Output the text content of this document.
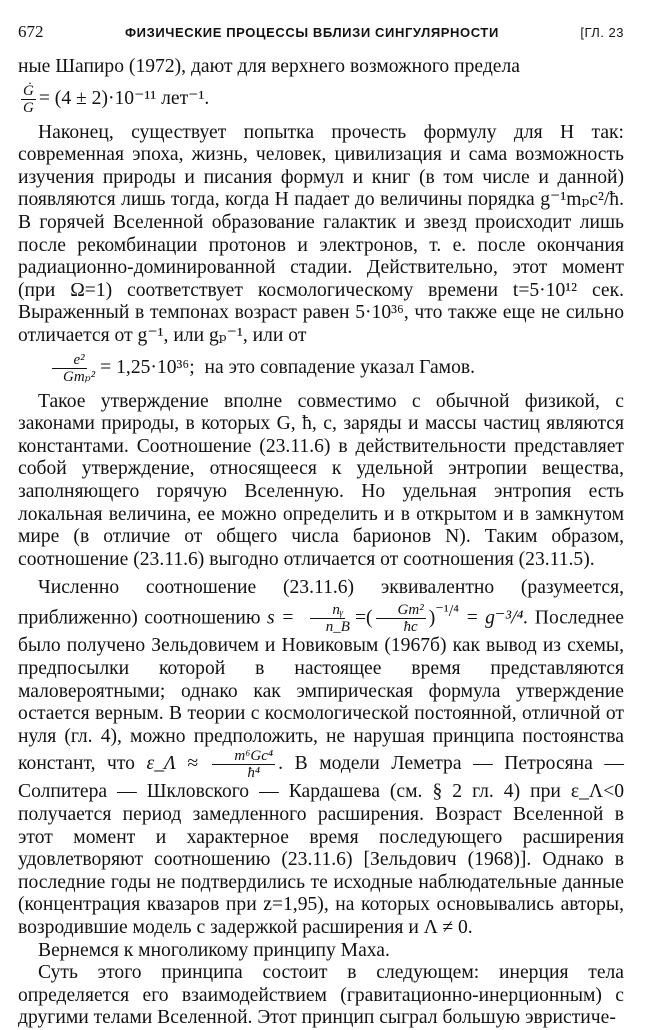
672	ФИЗИЧЕСКИЕ ПРОЦЕССЫ ВБЛИЗИ СИНГУЛЯРНОСТИ	[ГЛ. 23

ные Шапиро (1972), дают для верхнего возможного предела
$\frac{Ġ}{G} = (4 \pm 2)\cdot 10^{-11}$ лет⁻¹.

Наконец, существует попытка прочесть формулу для H так: современная эпоха, жизнь, человек, цивилизация и сама возможность изучения природы и писания формул и книг (в том числе и данной) появляются лишь тогда, когда H падает до величины порядка g⁻¹mₚc²/ħ. В горячей Вселенной образование галактик и звезд происходит лишь после рекомбинации протонов и электронов, т. е. после окончания радиационно-доминированной стадии. Действительно, этот момент (при Ω=1) соответствует космологическому времени t=5·10¹² сек. Выраженный в темпонах возраст равен 5·10³⁶, что также еще не сильно отличается от g⁻¹, или gₚ⁻¹, или от
$\frac{\text{e²}}{\text{Gmₚ²}} = 1,25\cdot 10^{36}$; на это совпадение указал Гамов.

Такое утверждение вполне совместимо с обычной физикой, с законами природы, в которых G, ħ, c, заряды и массы частиц являются константами. Соотношение (23.11.6) в действительности представляет собой утверждение, относящееся к удельной энтропии вещества, заполняющего горячую Вселенную. Но удельная энтропия есть локальная величина, ее можно определить и в открытом и в замкнутом мире (в отличие от общего числа барионов N). Таким образом, соотношение (23.11.6) выгодно отличается от соотношения (23.11.5).

Численно соотношение (23.11.6) эквивалентно (разумеется, приближенно) соотношению $s = \frac{\text{nᵧ}}{n\_B}$ =( $\frac{\text{Gm²}}{ħc} )^{^{-1}/^4} = g^{-3}/^4$. Последнее было получено Зельдовичем и Новиковым (1967б) как вывод из схемы, предпосылки которой в настоящее время представляются маловероятными; однако как эмпирическая формула утверждение остается верным. В теории с космологической постоянной, отличной от нуля (гл. 4), можно предположить, не нарушая принципа постоянства констант, что ε_Λ ≈ $\frac{\text{m⁶Gc⁴}}{\text{ħ⁴}}$ . В модели Леметра — Петросяна — Солпитера — Шкловского — Кардашева (см. § 2 гл. 4) при ε_Λ<0 получается период замедленного расширения. Возраст Вселенной в этот момент и характерное время последующего расширения удовлетворяют соотношению (23.11.6) [Зельдович (1968)]. Однако в последние годы не подтвердились те исходные наблюдательные данные (концентрация квазаров при z=1,95), на которых основывались авторы, возродившие модель с задержкой расширения и Λ ≠ 0.

Вернемся к многоликому принципу Маха.

Суть этого принципа состоит в следующем: инерция тела определяется его взаимодействием (гравитационно-инерционным) с другими телами Вселенной. Этот принцип сыграл большую эвристиче-
